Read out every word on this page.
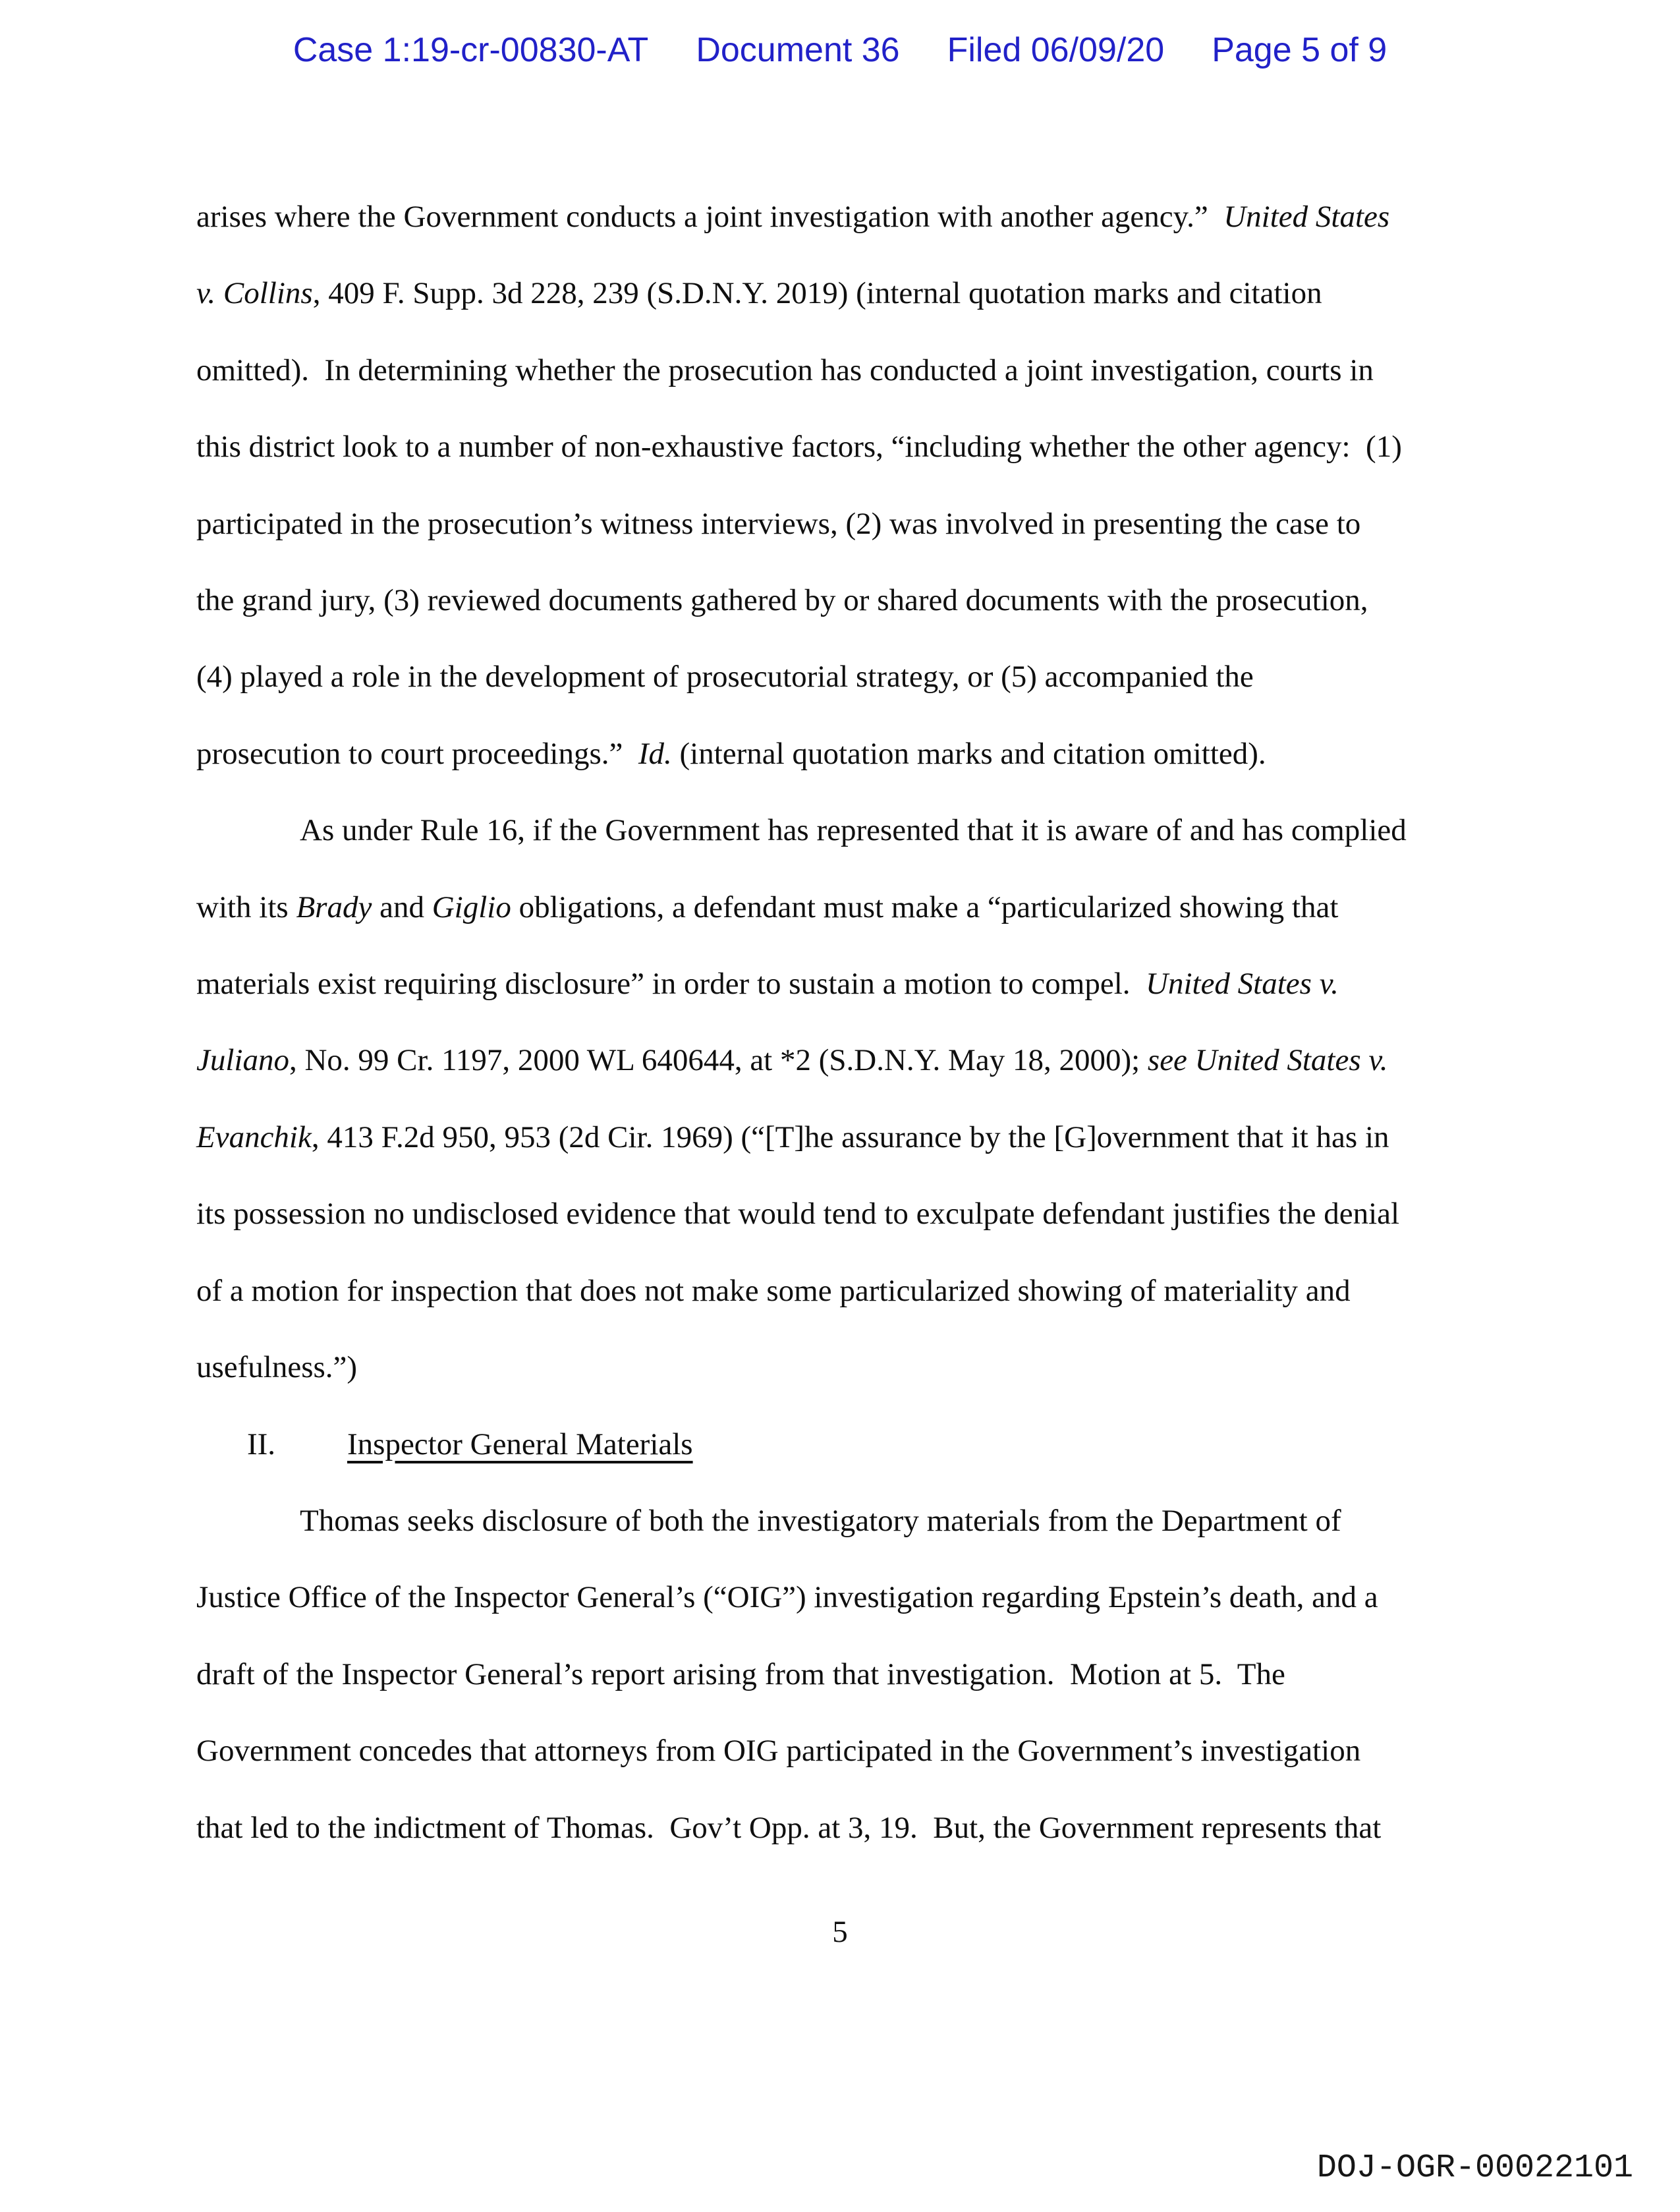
Case 1:19-cr-00830-AT Document 36 Filed 06/09/20 Page 5 of 9
arises where the Government conducts a joint investigation with another agency.”  United States
v. Collins, 409 F. Supp. 3d 228, 239 (S.D.N.Y. 2019) (internal quotation marks and citation
omitted).  In determining whether the prosecution has conducted a joint investigation, courts in
this district look to a number of non-exhaustive factors, “including whether the other agency:  (1)
participated in the prosecution’s witness interviews, (2) was involved in presenting the case to
the grand jury, (3) reviewed documents gathered by or shared documents with the prosecution,
(4) played a role in the development of prosecutorial strategy, or (5) accompanied the
prosecution to court proceedings.”  Id. (internal quotation marks and citation omitted).
As under Rule 16, if the Government has represented that it is aware of and has complied
with its Brady and Giglio obligations, a defendant must make a “particularized showing that
materials exist requiring disclosure” in order to sustain a motion to compel.  United States v.
Juliano, No. 99 Cr. 1197, 2000 WL 640644, at *2 (S.D.N.Y. May 18, 2000); see United States v.
Evanchik, 413 F.2d 950, 953 (2d Cir. 1969) (“[T]he assurance by the [G]overnment that it has in
its possession no undisclosed evidence that would tend to exculpate defendant justifies the denial
of a motion for inspection that does not make some particularized showing of materiality and
usefulness.”)
II. Inspector General Materials
Thomas seeks disclosure of both the investigatory materials from the Department of
Justice Office of the Inspector General’s (“OIG”) investigation regarding Epstein’s death, and a
draft of the Inspector General’s report arising from that investigation.  Motion at 5.  The
Government concedes that attorneys from OIG participated in the Government’s investigation
that led to the indictment of Thomas.  Gov’t Opp. at 3, 19.  But, the Government represents that
5
DOJ-OGR-00022101
